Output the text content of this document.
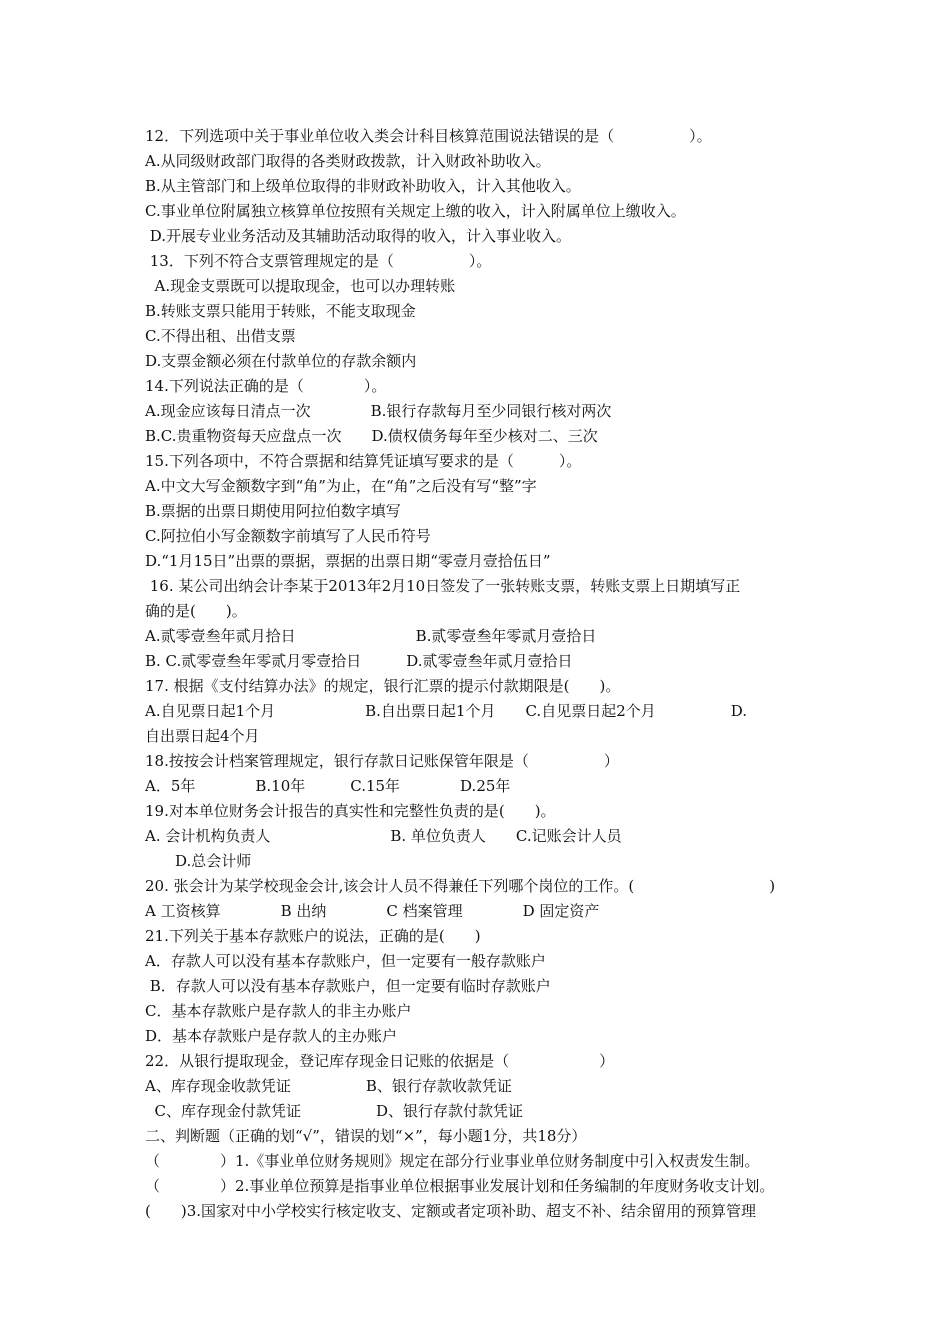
12．下列选项中关于事业单位收入类会计科目核算范围说法错误的是（　　　　　）。
A.从同级财政部门取得的各类财政拨款，计入财政补助收入。
B.从主管部门和上级单位取得的非财政补助收入，计入其他收入。
C.事业单位附属独立核算单位按照有关规定上缴的收入，计入附属单位上缴收入。
D.开展专业业务活动及其辅助活动取得的收入，计入事业收入。
13．下列不符合支票管理规定的是（　　　　　）。
A.现金支票既可以提取现金，也可以办理转账
B.转账支票只能用于转账，不能支取现金
C.不得出租、出借支票
D.支票金额必须在付款单位的存款余额内
14.下列说法正确的是（　　　　）。
A.现金应该每日清点一次　　　　B.银行存款每月至少同银行核对两次
B.C.贵重物资每天应盘点一次　　D.债权债务每年至少核对二、三次
15.下列各项中，不符合票据和结算凭证填写要求的是（　　　）。
A.中文大写金额数字到“角”为止，在“角”之后没有写“整”字
B.票据的出票日期使用阿拉伯数字填写
C.阿拉伯小写金额数字前填写了人民币符号
D.“1月15日”出票的票据，票据的出票日期“零壹月壹拾伍日”
16. 某公司出纳会计李某于2013年2月10日签发了一张转账支票，转账支票上日期填写正
确的是(　　)。
A.贰零壹叁年贰月拾日　　　　　　　　B.贰零壹叁年零贰月壹拾日
B. C.贰零壹叁年零贰月零壹拾日　　　D.贰零壹叁年贰月壹拾日
17. 根据《支付结算办法》的规定，银行汇票的提示付款期限是(　　)。
A.自见票日起1个月　　　　　　B.自出票日起1个月　　C.自见票日起2个月　　　　　D.
自出票日起4个月
18.按按会计档案管理规定，银行存款日记账保管年限是（　　　　　）
A．5年　　　　B.10年　　　C.15年　　　　D.25年
19.对本单位财务会计报告的真实性和完整性负责的是(　　)。
A. 会计机构负责人　　　　　　　　B. 单位负责人　　C.记账会计人员
　　D.总会计师
20. 张会计为某学校现金会计,该会计人员不得兼任下列哪个岗位的工作。(　　　　　　　　　)
A 工资核算　　　　B 出纳　　　　C 档案管理　　　　D 固定资产
21.下列关于基本存款账户的说法，正确的是(　　)
A．存款人可以没有基本存款账户，但一定要有一般存款账户
B．存款人可以没有基本存款账户，但一定要有临时存款账户
C．基本存款账户是存款人的非主办账户
D．基本存款账户是存款人的主办账户
22．从银行提取现金，登记库存现金日记账的依据是（　　　　　　）
A、库存现金收款凭证　　　　　B、银行存款收款凭证
C、库存现金付款凭证　　　　　D、银行存款付款凭证
二、判断题（正确的划“√”，错误的划“×”，每小题1分，共18分）
（　　　　）1.《事业单位财务规则》规定在部分行业事业单位财务制度中引入权责发生制。
（　　　　）2.事业单位预算是指事业单位根据事业发展计划和任务编制的年度财务收支计划。
(　　)3.国家对中小学校实行核定收支、定额或者定项补助、超支不补、结余留用的预算管理
